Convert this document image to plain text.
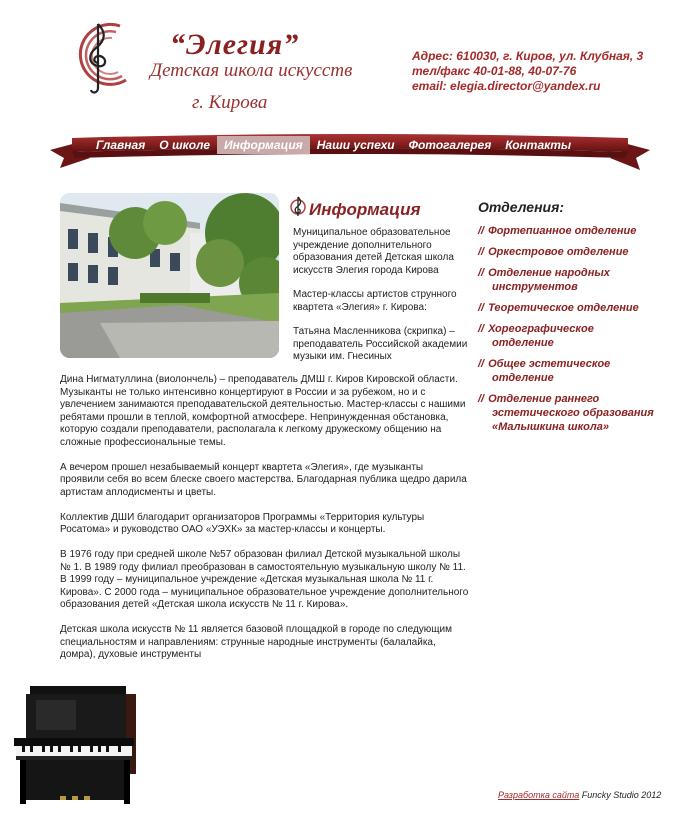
“Элегия”
Детская школа искусств
г. Кирова
Адрес: 610030, г. Киров, ул. Клубная, 3
тел/факс 40-01-88, 40-07-76
email: elegia.director@yandex.ru
Главная	О школе	Информация	Наши успехи	Фотогалерея	Контакты
Информация

Муниципальное образовательное учреждение дополнительного образования детей Детская школа искусств Элегия города Кирова

Мастер-классы артистов струнного квартета «Элегия» г. Кирова:

Татьяна Масленникова (скрипка) – преподаватель Российской академии музыки им. Гнесиных

Дина Нигматуллина (виолончель) – преподаватель ДМШ г. Киров Кировской области. Музыканты не только интенсивно концертируют в России и за рубежом, но и с увлечением занимаются преподавательской деятельностью. Мастер-классы с нашими ребятами прошли в теплой, комфортной атмосфере. Непринужденная обстановка, которую создали преподаватели, располагала к легкому дружескому общению на сложные профессиональные темы.

А вечером прошел незабываемый концерт квартета «Элегия», где музыканты проявили себя во всем блеске своего мастерства. Благодарная публика щедро дарила артистам аплодисменты и цветы.

Коллектив ДШИ благодарит организаторов Программы «Территория культуры Росатома» и руководство ОАО «УЭХК» за мастер-классы и концерты.

В 1976 году при средней школе №57 образован филиал Детской музыкальной школы № 1. В 1989 году филиал преобразован в самостоятельную музыкальную школу № 11. В 1999 году – муниципальное учреждение «Детская музыкальная школа № 11 г. Кирова». С 2000 года – муниципальное образовательное учреждение дополнительного образования детей «Детская школа искусств № 11 г. Кирова».

Детская школа искусств № 11 является базовой площадкой в городе по следующим специальностям и направлениям: струнные народные инструменты (балалайка, домра), духовые инструменты

Отделения:
// Фортепианное отделение
// Оркестровое отделение
// Отделение народных
инструментов
// Теоретическое отделение
// Хореографическое
отделение
// Общее эстетическое
отделение
// Отделение раннего
эстетического образования
«Малышкина школа»
Разработка сайта Funcky Studio 2012
